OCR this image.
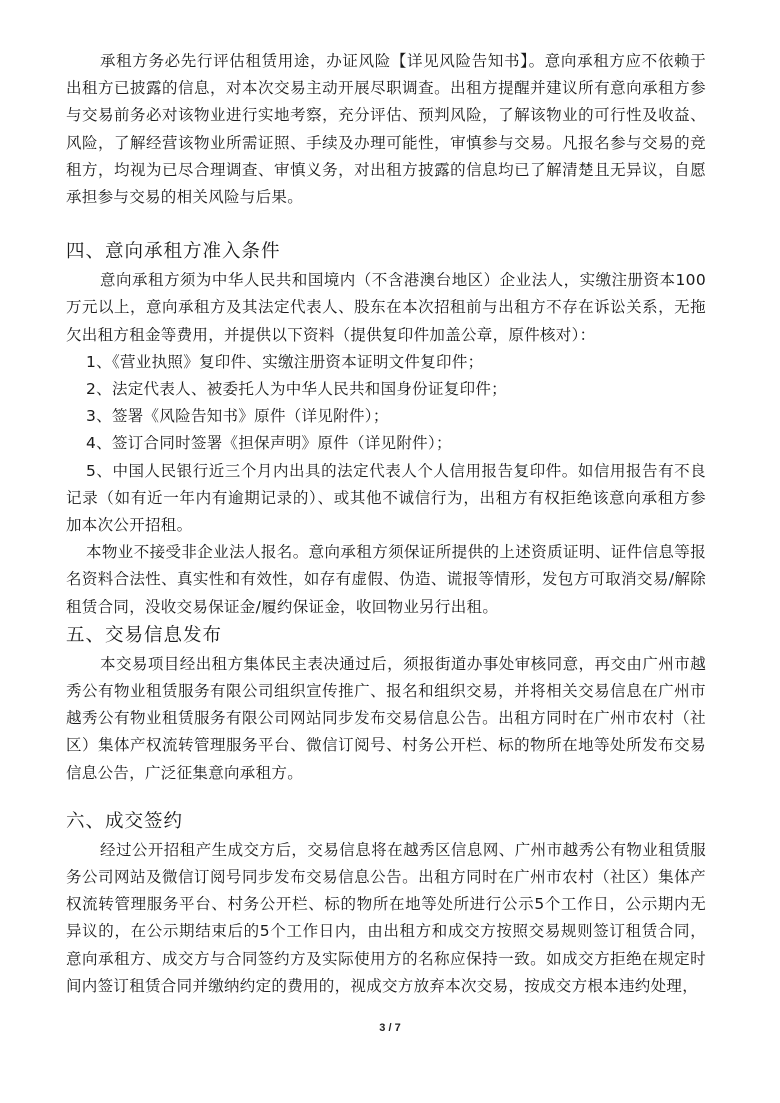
承租方务必先行评估租赁用途，办证风险【详见风险告知书】。意向承租方应不依赖于出租方已披露的信息，对本次交易主动开展尽职调查。出租方提醒并建议所有意向承租方参与交易前务必对该物业进行实地考察，充分评估、预判风险，了解该物业的可行性及收益、风险，了解经营该物业所需证照、手续及办理可能性，审慎参与交易。凡报名参与交易的竞租方，均视为已尽合理调查、审慎义务，对出租方披露的信息均已了解清楚且无异议，自愿承担参与交易的相关风险与后果。

四、意向承租方准入条件

意向承租方须为中华人民共和国境内（不含港澳台地区）企业法人，实缴注册资本100万元以上，意向承租方及其法定代表人、股东在本次招租前与出租方不存在诉讼关系，无拖欠出租方租金等费用，并提供以下资料（提供复印件加盖公章，原件核对）：

1、《营业执照》复印件、实缴注册资本证明文件复印件；

2、法定代表人、被委托人为中华人民共和国身份证复印件；

3、签署《风险告知书》原件（详见附件）；

4、签订合同时签署《担保声明》原件（详见附件）；

5、中国人民银行近三个月内出具的法定代表人个人信用报告复印件。如信用报告有不良记录（如有近一年内有逾期记录的）、或其他不诚信行为，出租方有权拒绝该意向承租方参加本次公开招租。

本物业不接受非企业法人报名。意向承租方须保证所提供的上述资质证明、证件信息等报名资料合法性、真实性和有效性，如存有虚假、伪造、谎报等情形，发包方可取消交易/解除租赁合同，没收交易保证金/履约保证金，收回物业另行出租。

五、交易信息发布

本交易项目经出租方集体民主表决通过后，须报街道办事处审核同意，再交由广州市越秀公有物业租赁服务有限公司组织宣传推广、报名和组织交易，并将相关交易信息在广州市越秀公有物业租赁服务有限公司网站同步发布交易信息公告。出租方同时在广州市农村（社区）集体产权流转管理服务平台、微信订阅号、村务公开栏、标的物所在地等处所发布交易信息公告，广泛征集意向承租方。

六、成交签约

经过公开招租产生成交方后，交易信息将在越秀区信息网、广州市越秀公有物业租赁服务公司网站及微信订阅号同步发布交易信息公告。出租方同时在广州市农村（社区）集体产权流转管理服务平台、村务公开栏、标的物所在地等处所进行公示5个工作日，公示期内无异议的，在公示期结束后的5个工作日内，由出租方和成交方按照交易规则签订租赁合同，意向承租方、成交方与合同签约方及实际使用方的名称应保持一致。如成交方拒绝在规定时间内签订租赁合同并缴纳约定的费用的，视成交方放弃本次交易，按成交方根本违约处理，

3 / 7
